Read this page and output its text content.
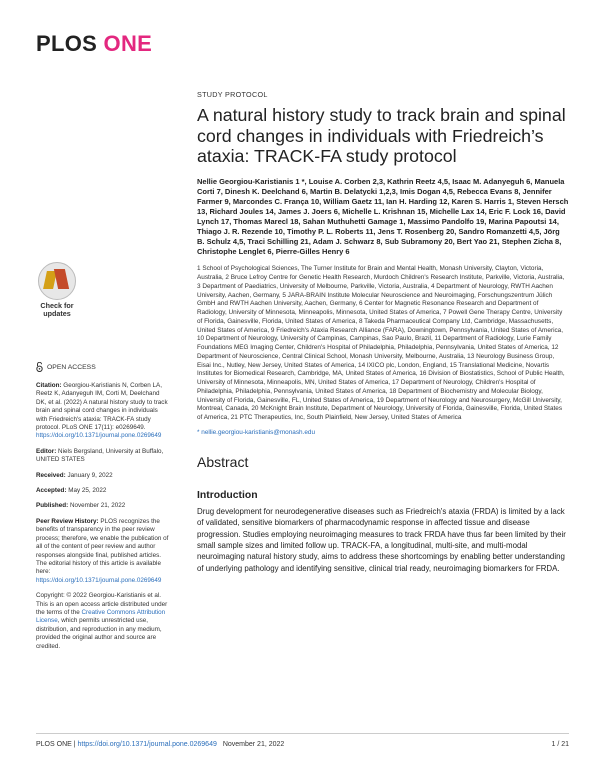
PLOS ONE
Check for updates
OPEN ACCESS

Citation: Georgiou-Karistianis N, Corben LA, Reetz K, Adanyeguh IM, Corti M, Deelchand DK, et al. (2022) A natural history study to track brain and spinal cord changes in individuals with Friedreich's ataxia: TRACK-FA study protocol. PLoS ONE 17(11): e0269649. https://doi.org/10.1371/journal.pone.0269649

Editor: Niels Bergsland, University at Buffalo, UNITED STATES

Received: January 9, 2022

Accepted: May 25, 2022

Published: November 21, 2022

Peer Review History: PLOS recognizes the benefits of transparency in the peer review process; therefore, we enable the publication of all of the content of peer review and author responses alongside final, published articles. The editorial history of this article is available here: https://doi.org/10.1371/journal.pone.0269649

Copyright: © 2022 Georgiou-Karistianis et al. This is an open access article distributed under the terms of the Creative Commons Attribution License, which permits unrestricted use, distribution, and reproduction in any medium, provided the original author and source are credited.

STUDY PROTOCOL
A natural history study to track brain and spinal cord changes in individuals with Friedreich’s ataxia: TRACK-FA study protocol

Nellie Georgiou-Karistianis 1 *, Louise A. Corben 2,3, Kathrin Reetz 4,5, Isaac M. Adanyeguh 6, Manuela Corti 7, Dinesh K. Deelchand 6, Martin B. Delatycki 1,2,3, Imis Dogan 4,5, Rebecca Evans 8, Jennifer Farmer 9, Marcondes C. França 10, William Gaetz 11, Ian H. Harding 12, Karen S. Harris 1, Steven Hersch 13, Richard Joules 14, James J. Joers 6, Michelle L. Krishnan 15, Michelle Lax 14, Eric F. Lock 16, David Lynch 17, Thomas Marecl 18, Sahan Muthuhetti Gamage 1, Massimo Pandolfo 19, Marina Papoutsi 14, Thiago J. R. Rezende 10, Timothy P. L. Roberts 11, Jens T. Rosenberg 20, Sandro Romanzetti 4,5, Jörg B. Schulz 4,5, Traci Schilling 21, Adam J. Schwarz 8, Sub Subramony 20, Bert Yao 21, Stephen Zicha 8, Christophe Lenglet 6, Pierre-Gilles Henry 6

1 School of Psychological Sciences, The Turner Institute for Brain and Mental Health, Monash University, Clayton, Victoria, Australia, 2 Bruce Lefroy Centre for Genetic Health Research, Murdoch Children's Research Institute, Parkville, Victoria, Australia, 3 Department of Paediatrics, University of Melbourne, Parkville, Victoria, Australia, 4 Department of Neurology, RWTH Aachen University, Aachen, Germany, 5 JARA-BRAIN Institute Molecular Neuroscience and Neuroimaging, Forschungszentrum Jülich GmbH and RWTH Aachen University, Aachen, Germany, 6 Center for Magnetic Resonance Research and Department of Radiology, University of Minnesota, Minneapolis, Minnesota, United States of America, 7 Powell Gene Therapy Centre, University of Florida, Gainesville, Florida, United States of America, 8 Takeda Pharmaceutical Company Ltd, Cambridge, Massachusetts, United States of America, 9 Friedreich's Ataxia Research Alliance (FARA), Downingtown, Pennsylvania, United States of America, 10 Department of Neurology, University of Campinas, Campinas, Sao Paulo, Brazil, 11 Department of Radiology, Lurie Family Foundations MEG Imaging Center, Children's Hospital of Philadelphia, Philadelphia, Pennsylvania, United States of America, 12 Department of Neuroscience, Central Clinical School, Monash University, Melbourne, Australia, 13 Neurology Business Group, Eisai Inc., Nutley, New Jersey, United States of America, 14 IXICO plc, London, England, 15 Translational Medicine, Novartis Institutes for Biomedical Research, Cambridge, MA, United States of America, 16 Division of Biostatistics, School of Public Health, University of Minnesota, Minneapolis, MN, United States of America, 17 Department of Neurology, Children's Hospital of Philadelphia, Philadelphia, Pennsylvania, United States of America, 18 Department of Biochemistry and Molecular Biology, University of Florida, Gainesville, FL, United States of America, 19 Department of Neurology and Neurosurgery, McGill University, Montreal, Canada, 20 McKnight Brain Institute, Department of Neurology, University of Florida, Gainesville, Florida, United States of America, 21 PTC Therapeutics, Inc, South Plainfield, New Jersey, United States of America

* nellie.georgiou-karistianis@monash.edu

Abstract
Introduction

Drug development for neurodegenerative diseases such as Friedreich's ataxia (FRDA) is limited by a lack of validated, sensitive biomarkers of pharmacodynamic response in affected tissue and disease progression. Studies employing neuroimaging measures to track FRDA have thus far been limited by their small sample sizes and limited follow up. TRACK-FA, a longitudinal, multi-site, and multi-modal neuroimaging natural history study, aims to address these shortcomings by enabling better understanding of underlying pathology and identifying sensitive, clinical trial ready, neuroimaging biomarkers for FRDA.

PLOS ONE | https://doi.org/10.1371/journal.pone.0269649 November 21, 2022	1 / 21
